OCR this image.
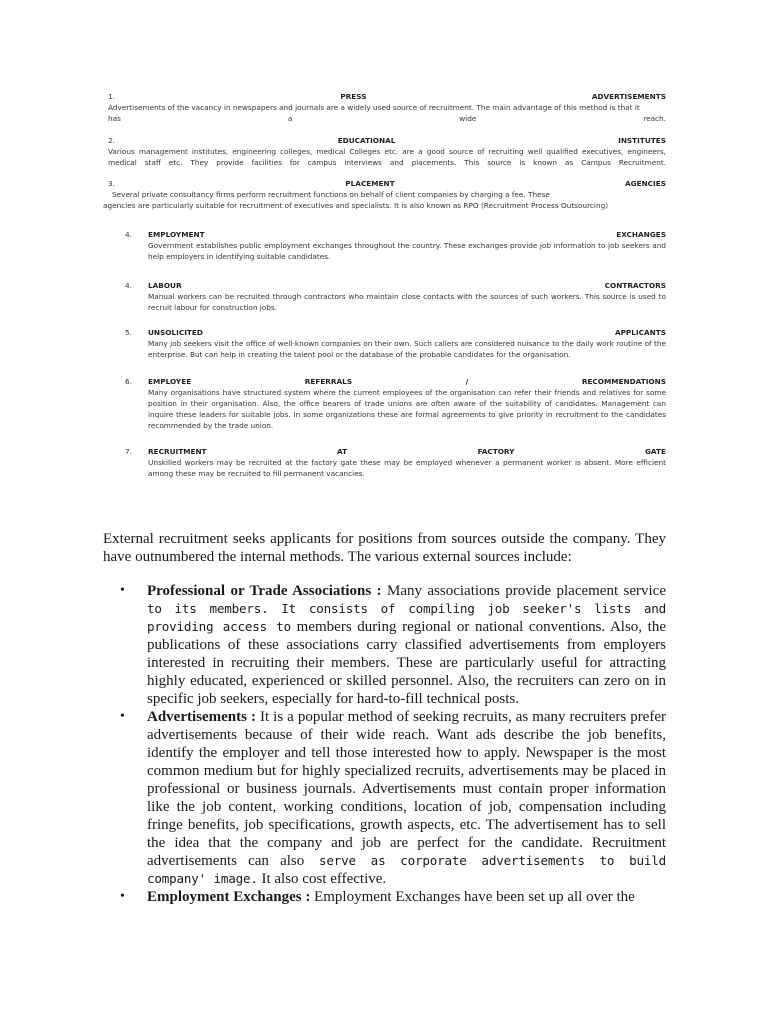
1.	PRESS	ADVERTISEMENTS
Advertisements of the vacancy in newspapers and journals are a widely used source of recruitment. The main advantage of this method is that it
has	a	wide	reach.
2.	EDUCATIONAL	INSTITUTES
Various management institutes, engineering colleges, medical Colleges etc. are a good source of recruiting well qualified executives, engineers, medical staff etc. They provide facilities for campus interviews and placements. This source is known as Campus Recruitment.
3.	PLACEMENT	AGENCIES
Several private consultancy firms perform recruitment functions on behalf of client companies by charging a fee. These
agencies are particularly suitable for recruitment of executives and specialists. It is also known as RPO (Recruitment Process Outsourcing)
4. EMPLOYMENT	EXCHANGES
Government establishes public employment exchanges throughout the country. These exchanges provide job information to job seekers and help employers in identifying suitable candidates.
4. LABOUR	CONTRACTORS
Manual workers can be recruited through contractors who maintain close contacts with the sources of such workers. This source is used to recruit labour for construction jobs.
5. UNSOLICITED	APPLICANTS
Many job seekers visit the office of well-known companies on their own. Such callers are considered nuisance to the daily work routine of the enterprise. But can help in creating the talent pool or the database of the probable candidates for the organisation.
6. EMPLOYEE	REFERRALS	/	RECOMMENDATIONS
Many organisations have structured system where the current employees of the organisation can refer their friends and relatives for some position in their organisation. Also, the office bearers of trade unions are often aware of the suitability of candidates. Management can inquire these leaders for suitable jobs. In some organizations these are formal agreements to give priority in recruitment to the candidates recommended by the trade union.
7. RECRUITMENT	AT	FACTORY	GATE
Unskilled workers may be recruited at the factory gate these may be employed whenever a permanent worker is absent. More efficient among these may be recruited to fill permanent vacancies.
External recruitment seeks applicants for positions from sources outside the company. They have outnumbered the internal methods. The various external sources include:
• Professional or Trade Associations : Many associations provide placement service to its members. It consists of compiling job seeker's lists and providing access to members during regional or national conventions. Also, the publications of these associations carry classified advertisements from employers interested in recruiting their members. These are particularly useful for attracting highly educated, experienced or skilled personnel. Also, the recruiters can zero on in specific job seekers, especially for hard-to-fill technical posts.
• Advertisements : It is a popular method of seeking recruits, as many recruiters prefer advertisements because of their wide reach. Want ads describe the job benefits, identify the employer and tell those interested how to apply. Newspaper is the most common medium but for highly specialized recruits, advertisements may be placed in professional or business journals. Advertisements must contain proper information like the job content, working conditions, location of job, compensation including fringe benefits, job specifications, growth aspects, etc. The advertisement has to sell the idea that the company and job are perfect for the candidate. Recruitment advertisements can also serve as corporate advertisements to build company' image. It also cost effective.
• Employment Exchanges : Employment Exchanges have been set up all over the
